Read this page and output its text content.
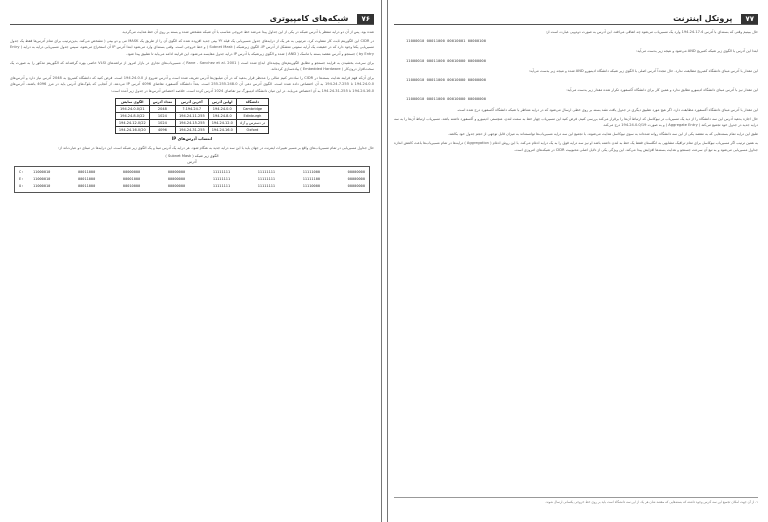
۷۶ شبکه‌های کامپیوتری

شده بود. پس از آن دو درایه منتظر با آدرس شبکه در یکی از این جداول پیدا می‌شد خط خروجی مناسب با آن شبکه مشخص شده و بسته بر روی آن خط هدایت می‌گردید.

در CIDR این الگوریتم ثابت کار متفاوت کرد. مرتوبی به هر یک از درایه‌های جدول مسیریابی یک فیلد ۳۲ بیتی جدید افزوده شده که الگوی آن را از طریق یک MASK می و دو بیتی ( مشخص می‌کند. بدین‌ترتیب برای تمام آدرس‌ها فقط یک جدول مسیریابی یکتا وجود دارد که در حقیقت یک آرایه ستونی متشکل از آدرس IP، الگوی زیرشبکه ( Subnet Mask ) و خط خروجی است. وقتی بسته‌ای وارد می‌شود ابتدا آدرس IP آن استخراج می‌شود، سپس جدول مسیریابی درایه به درایه ( Entry by Entry ) جستجو و آدرس مقصد بسته با ماسک ( AND ) شده و الگوی زیرشبکه با آدرس IP درایه جدول مقایسه می‌شود. این فرایند ادامه می‌یابد تا تطبیق پیدا شود.

برای سرعت بخشیدن به فرایند جستجو و تطابق الگوریتم‌های پیچیده‌ای ابداع شده است ( Rane - Sanchez et al. 2001 ). مسیریاب‌های تجاری در بازار امروز از تراشه‌های VLSI خاصی بهره گرفته‌اند که الگوریتم مذکور را به صورت یک سخت‌افزار درون‌کار ( Embedded Hardware ) پیاده‌سازی کرده‌اند.

برای آن‌که فهم فرایند هدایت بسته‌ها در CIDR را ساده‌تر کنیم مثالی را مدنظر قرار بدهید که در آن میلیون‌ها آدرس تعریف شده است و آدرس شروع از 194.24.0.0 است. فرض کنید که دانشگاه کمبریج به 2048 آدرس نیاز دارد و آدرس‌های 194.24.0.0 تا 194.24.7.255 به آن اختصاص داده شده است. الگوی آدرس دهی آن 255.255.248.0 است. بعداً دانشگاه آکسفورد تقاضای 4096 آدرس IP می‌دهد. از آنجایی که بلوک‌های آدرس باید در مرز 4096 باشند، آدرس‌های 194.24.16.0 تا 194.24.31.255 به آن اختصاص می‌یابد. در این میان دانشگاه ادینبورگ نیز تقاضای 1024 آدرس کرده است. خلاصه اختصاص آدرس‌ها در جدول زیر آمده است:

دانشگاه	اولین آدرس	آخرین آدرس	تعداد آدرس	الگوی نمایش
Cambridge	194.24.0.0	194.24.7.?	2048	194.24.0.0/21
Edinburgh	194.24.8.0	194.24.11.255	1024	194.24.8.0/22
در دسترس و آزاد	194.24.12.0	194.24.15.255	1024	194.24.12.0/22
Oxford	194.24.16.0	194.24.31.255	4096	194.24.16.0/20
انتساب آدرس‌های IP

حال جداول مسیریابی در تمام مسیریاب‌های واقع بر مسیر تغییرات اینترنت در جهان باید با این سه درایه جدید به هنگام شود. هر درایه یک آدرس مبنا و یک الگوی زیر شبکه است. این درایه‌ها در مبنای دو عبارت‌اند از:

الگوی زیر شبکه ( Subnet Mask )
آدرس
C:	11000010	00011000	00000000	00000000	11111111	11111111	11111000	00000000
E:	11000010	00011000	00001000	00000000	11111111	11111111	11111100	00000000
O:	11000010	00011000	00010000	00000000	11111111	11111111	11110000	00000000
۷۷ پروتکل اینترنت

حال ببینیم وقتی که بسته‌ای با آدرس 194.24.17.4 وارد یک مسیریاب می‌شود چه اتفاقی می‌افتد. این آدرس به صورت دودویی عبارت است از:

11000010 00011000 00010001 00000100

ابتدا این آدرس با الگوی زیر شبکه کمبریج AND می‌شود و نتیجه زیر بدست می‌آید:

11000010 00011000 00010000 00000000

این مقدار با آدرس مبنای دانشگاه کمبریج مطابقت ندارد. حال مجدداً آدرس اصلی با الگوی زیر شبکه دانشگاه ادینبورو AND شده و نتیجه زیر بدست می‌آید:

11000010 00011000 00010000 00000000

این مقدار نیز با آدرس مبنای دانشگاه ادینبورو تطابق ندارد و همین کار برای دانشگاه آکسفورد تکرار شده مقدار زیر بدست می‌آید:

11000010 00011000 00010000 00000000

این مقدار با آدرس مبنای دانشگاه آکسفورد مطابقت دارد. اگر هیچ مورد تطبیق دیگری در جدول یافت نشد بسته بر روی خطی ارسال می‌شود که در درایه متناظر با شبکه دانشگاه آکسفورد درج شده است.

حال اجازه بدهید آدرس این سه دانشگاه را از دید یک مسیریاب در نیوکاسل که ارتباط آن‌ها را برقرار می‌کند بررسی کنیم. فرض کنید این مسیریاب چهار خط به سمت لندن، منچستر، ادینبورو و آکسفورد داشته باشد. مسیریاب ارتباط آن‌ها را به سه درایه جدید در جدول خود تجمیع می‌کند ( Aggregate Entry ) و به صورت 194.24.0.0/19 درج می‌کند.

طبق این درایه تمام بسته‌هایی که به مقصد یکی از این سه دانشگاه روانه شده‌اند به سوی نیوکاسل هدایت می‌شوند. با تجمیع این سه درایه مسیریاب‌ها توانسته‌اند به میزان قابل توجهی از حجم جدول خود بکاهند.

به همین ترتیب اگر مسیریاب نیوکاسل برای تمام ترافیک مشابهی به انگلستان فقط یک خط به لندن داشته باشد او نیز سه درایه فوق را به یک درایه ادغام می‌کند. با این روش ادغام ( Aggregation ) درایه‌ها در تمام مسیریاب‌ها باعث کاهش اندازه جداول مسیریابی می‌شود و به تبع آن سرعت جستجو و هدایت بسته‌ها افزایش پیدا می‌کند. این ویژگی یکی از دلایل اصلی محبوبیت CIDR در شبکه‌های امروزی است.

۱. از آن جهت امکان تجمیع این سه آدرس وجود داشته که بسته‌هایی که مقصد شان هر یک از این سه دانشگاه است باید بر روی خط خروجی یکسانی ارسال شوند.
